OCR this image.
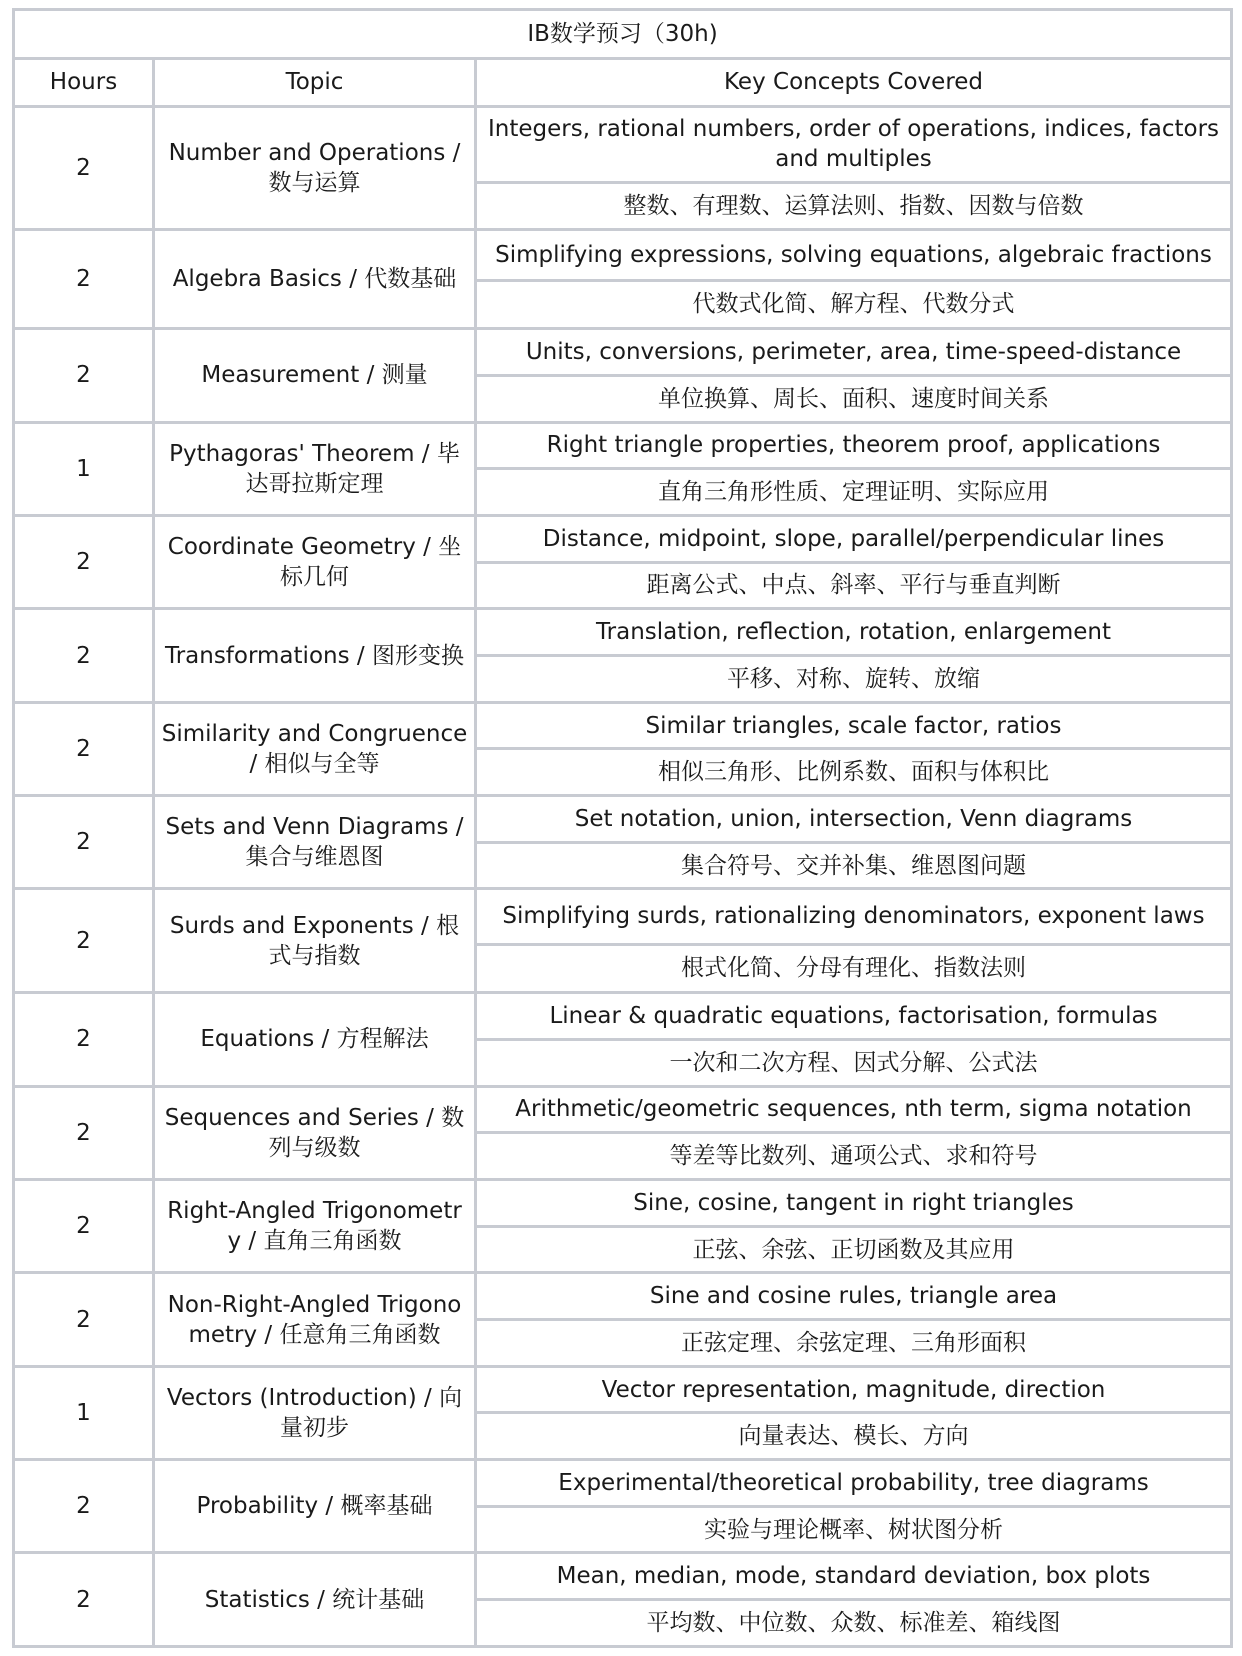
IB数学预习（30h)		
Hours	Topic	Key Concepts Covered
2	Number and Operations / 数与运算	Integers, rational numbers, order of operations, indices, factors and multiples
		整数、有理数、运算法则、指数、因数与倍数
2	Algebra Basics / 代数基础	Simplifying expressions, solving equations, algebraic fractions
		代数式化简、解方程、代数分式
2	Measurement / 测量	Units, conversions, perimeter, area, time-speed-distance
		单位换算、周长、面积、速度时间关系
1	Pythagoras' Theorem / 毕达哥拉斯定理	Right triangle properties, theorem proof, applications
		直角三角形性质、定理证明、实际应用
2	Coordinate Geometry / 坐标几何	Distance, midpoint, slope, parallel/perpendicular lines
		距离公式、中点、斜率、平行与垂直判断
2	Transformations / 图形变换	Translation, reflection, rotation, enlargement
		平移、对称、旋转、放缩
2	Similarity and Congruence / 相似与全等	Similar triangles, scale factor, ratios
		相似三角形、比例系数、面积与体积比
2	Sets and Venn Diagrams / 集合与维恩图	Set notation, union, intersection, Venn diagrams
		集合符号、交并补集、维恩图问题
2	Surds and Exponents / 根式与指数	Simplifying surds, rationalizing denominators, exponent laws
		根式化简、分母有理化、指数法则
2	Equations / 方程解法	Linear & quadratic equations, factorisation, formulas
		一次和二次方程、因式分解、公式法
2	Sequences and Series / 数列与级数	Arithmetic/geometric sequences, nth term, sigma notation
		等差等比数列、通项公式、求和符号
2	Right-Angled Trigonometry / 直角三角函数	Sine, cosine, tangent in right triangles
		正弦、余弦、正切函数及其应用
2	Non-Right-Angled Trigonometry / 任意角三角函数	Sine and cosine rules, triangle area
		正弦定理、余弦定理、三角形面积
1	Vectors (Introduction) / 向量初步	Vector representation, magnitude, direction
		向量表达、模长、方向
2	Probability / 概率基础	Experimental/theoretical probability, tree diagrams
		实验与理论概率、树状图分析
2	Statistics / 统计基础	Mean, median, mode, standard deviation, box plots
		平均数、中位数、众数、标准差、箱线图
